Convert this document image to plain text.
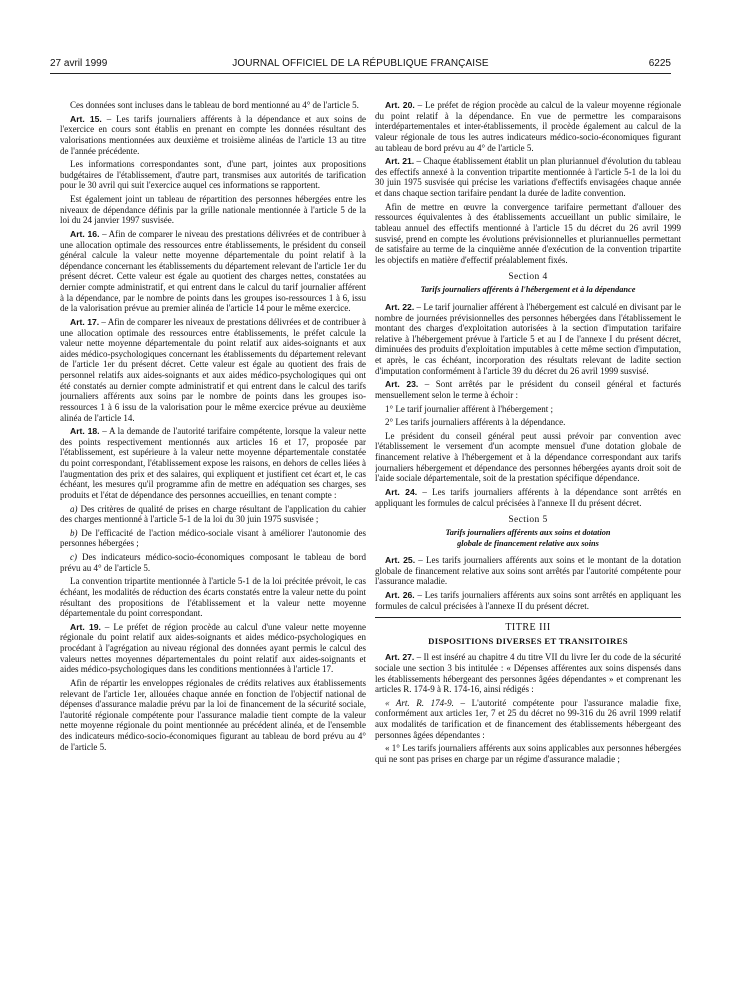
27 avril 1999	JOURNAL OFFICIEL DE LA RÉPUBLIQUE FRANÇAISE	6225

Ces données sont incluses dans le tableau de bord mentionné au 4° de l'article 5.

Art. 15. – Les tarifs journaliers afférents à la dépendance et aux soins de l'exercice en cours sont établis en prenant en compte les données résultant des valorisations mentionnées aux deuxième et troisième alinéas de l'article 13 au titre de l'année précédente.

Les informations correspondantes sont, d'une part, jointes aux propositions budgétaires de l'établissement, d'autre part, transmises aux autorités de tarification pour le 30 avril qui suit l'exercice auquel ces informations se rapportent.

Est également joint un tableau de répartition des personnes hébergées entre les niveaux de dépendance définis par la grille nationale mentionnée à l'article 5 de la loi du 24 janvier 1997 susvisée.

Art. 16. – Afin de comparer le niveau des prestations délivrées et de contribuer à une allocation optimale des ressources entre établissements, le président du conseil général calcule la valeur nette moyenne départementale du point relatif à la dépendance concernant les établissements du département relevant de l'article 1er du présent décret. Cette valeur est égale au quotient des charges nettes, constatées au dernier compte administratif, et qui entrent dans le calcul du tarif journalier afférent à la dépendance, par le nombre de points dans les groupes iso-ressources 1 à 6, issu de la valorisation prévue au premier alinéa de l'article 14 pour le même exercice.

Art. 17. – Afin de comparer les niveaux de prestations délivrées et de contribuer à une allocation optimale des ressources entre établissements, le préfet calcule la valeur nette moyenne départementale du point relatif aux aides-soignants et aux aides médico-psychologiques concernant les établissements du département relevant de l'article 1er du présent décret. Cette valeur est égale au quotient des frais de personnel relatifs aux aides-soignants et aux aides médico-psychologiques qui ont été constatés au dernier compte administratif et qui entrent dans le calcul des tarifs journaliers afférents aux soins par le nombre de points dans les groupes iso-ressources 1 à 6 issu de la valorisation pour le même exercice prévue au deuxième alinéa de l'article 14.

Art. 18. – A la demande de l'autorité tarifaire compétente, lorsque la valeur nette des points respectivement mentionnés aux articles 16 et 17, proposée par l'établissement, est supérieure à la valeur nette moyenne départementale constatée du point correspondant, l'établissement expose les raisons, en dehors de celles liées à l'augmentation des prix et des salaires, qui expliquent et justifient cet écart et, le cas échéant, les mesures qu'il programme afin de mettre en adéquation ses charges, ses produits et l'état de dépendance des personnes accueillies, en tenant compte :

a) Des critères de qualité de prises en charge résultant de l'application du cahier des charges mentionné à l'article 5-1 de la loi du 30 juin 1975 susvisée ;

b) De l'efficacité de l'action médico-sociale visant à améliorer l'autonomie des personnes hébergées ;

c) Des indicateurs médico-socio-économiques composant le tableau de bord prévu au 4° de l'article 5.

La convention tripartite mentionnée à l'article 5-1 de la loi précitée prévoit, le cas échéant, les modalités de réduction des écarts constatés entre la valeur nette du point résultant des propositions de l'établissement et la valeur nette moyenne départementale du point correspondant.

Art. 19. – Le préfet de région procède au calcul d'une valeur nette moyenne régionale du point relatif aux aides-soignants et aides médico-psychologiques en procédant à l'agrégation au niveau régional des données ayant permis le calcul des valeurs nettes moyennes départementales du point relatif aux aides-soignants et aides médico-psychologiques dans les conditions mentionnées à l'article 17.

Afin de répartir les enveloppes régionales de crédits relatives aux établissements relevant de l'article 1er, allouées chaque année en fonction de l'objectif national de dépenses d'assurance maladie prévu par la loi de financement de la sécurité sociale, l'autorité régionale compétente pour l'assurance maladie tient compte de la valeur nette moyenne régionale du point mentionnée au précédent alinéa, et de l'ensemble des indicateurs médico-socio-économiques figurant au tableau de bord prévu au 4° de l'article 5.

Art. 20. – Le préfet de région procède au calcul de la valeur moyenne régionale du point relatif à la dépendance. En vue de permettre les comparaisons interdépartementales et inter-établissements, il procède également au calcul de la valeur régionale de tous les autres indicateurs médico-socio-économiques figurant au tableau de bord prévu au 4° de l'article 5.

Art. 21. – Chaque établissement établit un plan pluriannuel d'évolution du tableau des effectifs annexé à la convention tripartite mentionnée à l'article 5-1 de la loi du 30 juin 1975 susvisée qui précise les variations d'effectifs envisagées chaque année et dans chaque section tarifaire pendant la durée de ladite convention.

Afin de mettre en œuvre la convergence tarifaire permettant d'allouer des ressources équivalentes à des établissements accueillant un public similaire, le tableau annuel des effectifs mentionné à l'article 15 du décret du 26 avril 1999 susvisé, prend en compte les évolutions prévisionnelles et pluriannuelles permettant de satisfaire au terme de la cinquième année d'exécution de la convention tripartite les objectifs en matière d'effectif préalablement fixés.

Section 4
Tarifs journaliers afférents à l'hébergement et à la dépendance

Art. 22. – Le tarif journalier afférent à l'hébergement est calculé en divisant par le nombre de journées prévisionnelles des personnes hébergées dans l'établissement le montant des charges d'exploitation autorisées à la section d'imputation tarifaire relative à l'hébergement prévue à l'article 5 et au I de l'annexe I du présent décret, diminuées des produits d'exploitation imputables à cette même section d'imputation, et après, le cas échéant, incorporation des résultats relevant de ladite section d'imputation conformément à l'article 39 du décret du 26 avril 1999 susvisé.

Art. 23. – Sont arrêtés par le président du conseil général et facturés mensuellement selon le terme à échoir :

1° Le tarif journalier afférent à l'hébergement ;

2° Les tarifs journaliers afférents à la dépendance.

Le président du conseil général peut aussi prévoir par convention avec l'établissement le versement d'un acompte mensuel d'une dotation globale de financement relative à l'hébergement et à la dépendance correspondant aux tarifs journaliers hébergement et dépendance des personnes hébergées ayants droit soit de l'aide sociale départementale, soit de la prestation spécifique dépendance.

Art. 24. – Les tarifs journaliers afférents à la dépendance sont arrêtés en appliquant les formules de calcul précisées à l'annexe II du présent décret.

Section 5
Tarifs journaliers afférents aux soins et dotation
globale de financement relative aux soins

Art. 25. – Les tarifs journaliers afférents aux soins et le montant de la dotation globale de financement relative aux soins sont arrêtés par l'autorité compétente pour l'assurance maladie.

Art. 26. – Les tarifs journaliers afférents aux soins sont arrêtés en appliquant les formules de calcul précisées à l'annexe II du présent décret.

TITRE III
DISPOSITIONS DIVERSES ET TRANSITOIRES

Art. 27. – Il est inséré au chapitre 4 du titre VII du livre Ier du code de la sécurité sociale une section 3 bis intitulée : « Dépenses afférentes aux soins dispensés dans les établissements hébergeant des personnes âgées dépendantes » et comprenant les articles R. 174-9 à R. 174-16, ainsi rédigés :

« Art. R. 174-9. – L'autorité compétente pour l'assurance maladie fixe, conformément aux articles 1er, 7 et 25 du décret no 99-316 du 26 avril 1999 relatif aux modalités de tarification et de financement des établissements hébergeant des personnes âgées dépendantes :

« 1° Les tarifs journaliers afférents aux soins applicables aux personnes hébergées qui ne sont pas prises en charge par un régime d'assurance maladie ;
